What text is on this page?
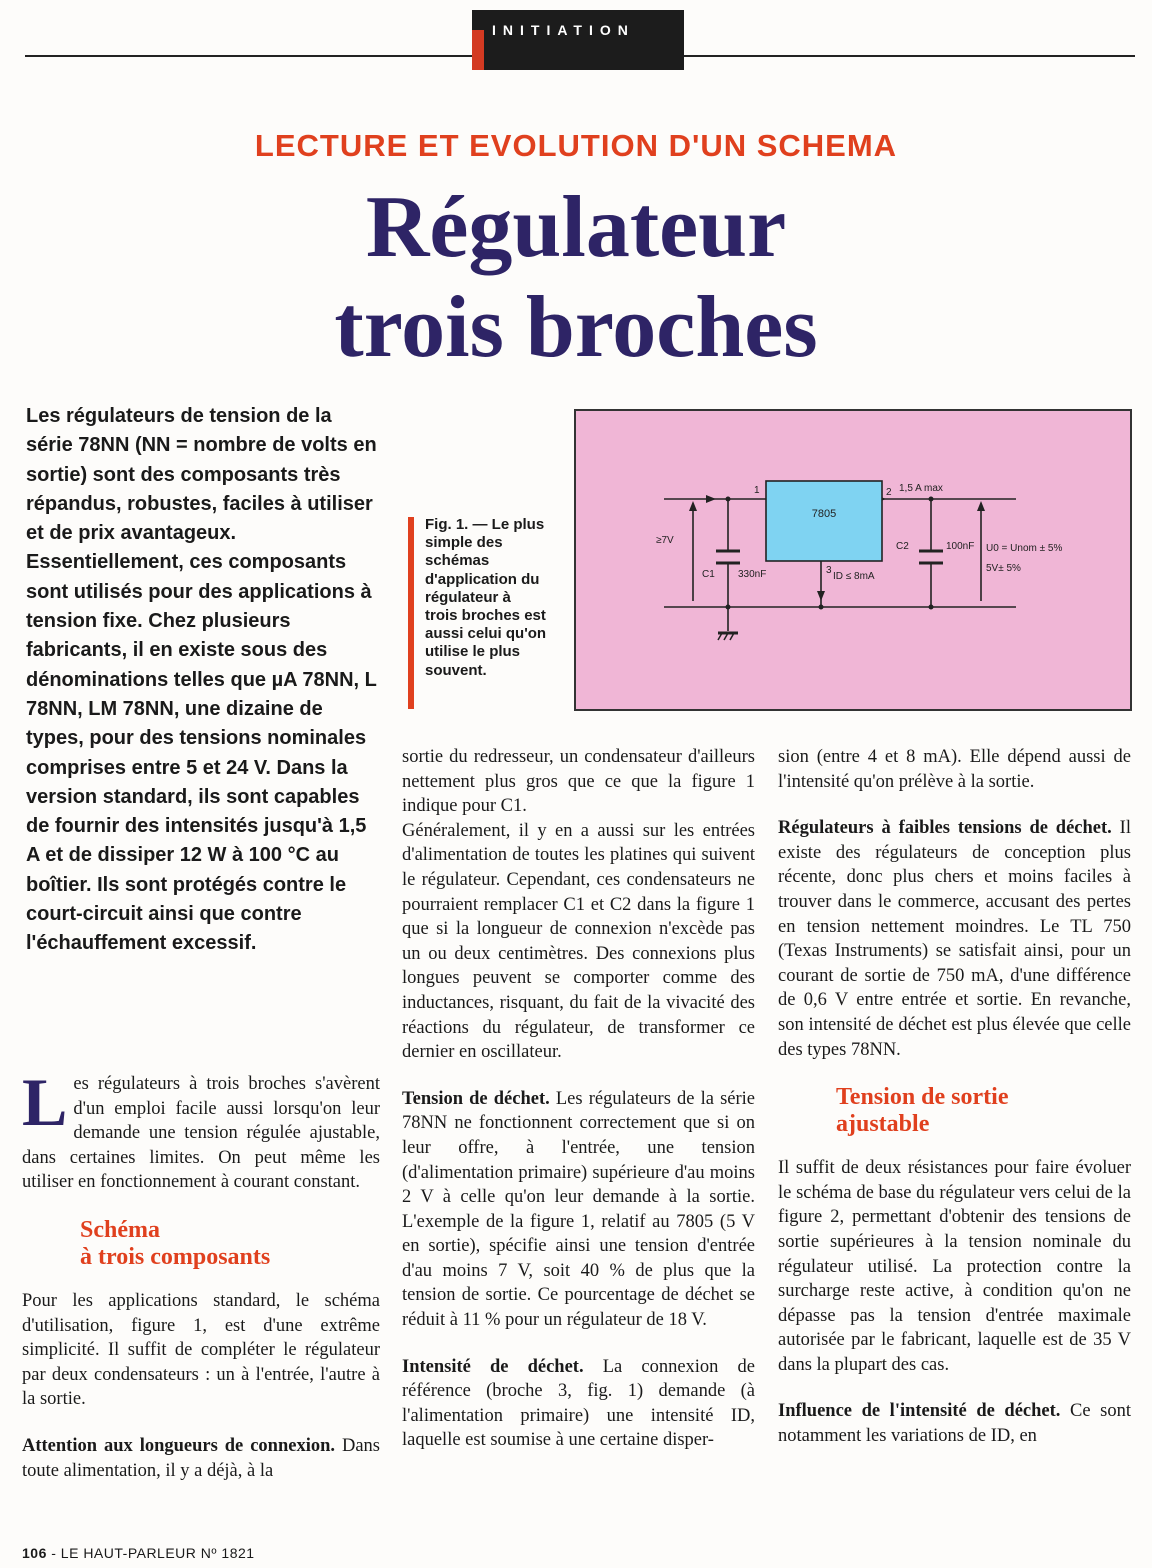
INITIATION
LECTURE ET EVOLUTION D'UN SCHEMA
Régulateur
trois broches
Les régulateurs de tension de la série 78NN (NN = nombre de volts en sortie) sont des composants très répandus, robustes, faciles à utiliser et de prix avantageux. Essentiellement, ces composants sont utilisés pour des applications à tension fixe. Chez plusieurs fabricants, il en existe sous des dénominations telles que µA 78NN, L 78NN, LM 78NN, une dizaine de types, pour des tensions nominales comprises entre 5 et 24 V. Dans la version standard, ils sont capables de fournir des intensités jusqu'à 1,5 A et de dissiper 12 W à 100 °C au boîtier. Ils sont protégés contre le court-circuit ainsi que contre l'échauffement excessif.
Fig. 1. — Le plus simple des schémas d'application du régulateur à trois broches est aussi celui qu'on utilise le plus souvent.
7805
1	2
3
1,5 A max
≥7V
C1 330nF	ID ≤ 8mA
C2	100nF U0 = Unom ± 5%
5V± 5%

Les régulateurs à trois broches s'avèrent d'un emploi facile aussi lorsqu'on leur demande une tension régulée ajustable, dans certaines limites. On peut même les utiliser en fonctionnement à courant constant.

Schéma
à trois composants

Pour les applications standard, le schéma d'utilisation, figure 1, est d'une extrême simplicité. Il suffit de compléter le régulateur par deux condensateurs : un à l'entrée, l'autre à la sortie.

Attention aux longueurs de connexion. Dans toute alimentation, il y a déjà, à la

sortie du redresseur, un condensateur d'ailleurs nettement plus gros que ce que la figure 1 indique pour C1.

Généralement, il y en a aussi sur les entrées d'alimentation de toutes les platines qui suivent le régulateur. Cependant, ces condensateurs ne pourraient remplacer C1 et C2 dans la figure 1 que si la longueur de connexion n'excède pas un ou deux centimètres. Des connexions plus longues peuvent se comporter comme des inductances, risquant, du fait de la vivacité des réactions du régulateur, de transformer ce dernier en oscillateur.

Tension de déchet. Les régulateurs de la série 78NN ne fonctionnent correctement que si on leur offre, à l'entrée, une tension (d'alimentation primaire) supérieure d'au moins 2 V à celle qu'on leur demande à la sortie. L'exemple de la figure 1, relatif au 7805 (5 V en sortie), spécifie ainsi une tension d'entrée d'au moins 7 V, soit 40 % de plus que la tension de sortie. Ce pourcentage de déchet se réduit à 11 % pour un régulateur de 18 V.

Intensité de déchet. La connexion de référence (broche 3, fig. 1) demande (à l'alimentation primaire) une intensité ID, laquelle est soumise à une certaine disper-

sion (entre 4 et 8 mA). Elle dépend aussi de l'intensité qu'on prélève à la sortie.

Régulateurs à faibles tensions de déchet. Il existe des régulateurs de conception plus récente, donc plus chers et moins faciles à trouver dans le commerce, accusant des pertes en tension nettement moindres. Le TL 750 (Texas Instruments) se satisfait ainsi, pour un courant de sortie de 750 mA, d'une différence de 0,6 V entre entrée et sortie. En revanche, son intensité de déchet est plus élevée que celle des types 78NN.

Tension de sortie
ajustable

Il suffit de deux résistances pour faire évoluer le schéma de base du régulateur vers celui de la figure 2, permettant d'obtenir des tensions de sortie supérieures à la tension nominale du régulateur utilisé. La protection contre la surcharge reste active, à condition qu'on ne dépasse pas la tension d'entrée maximale autorisée par le fabricant, laquelle est de 35 V dans la plupart des cas.

Influence de l'intensité de déchet. Ce sont notamment les variations de ID, en

106 - LE HAUT-PARLEUR Nº 1821
